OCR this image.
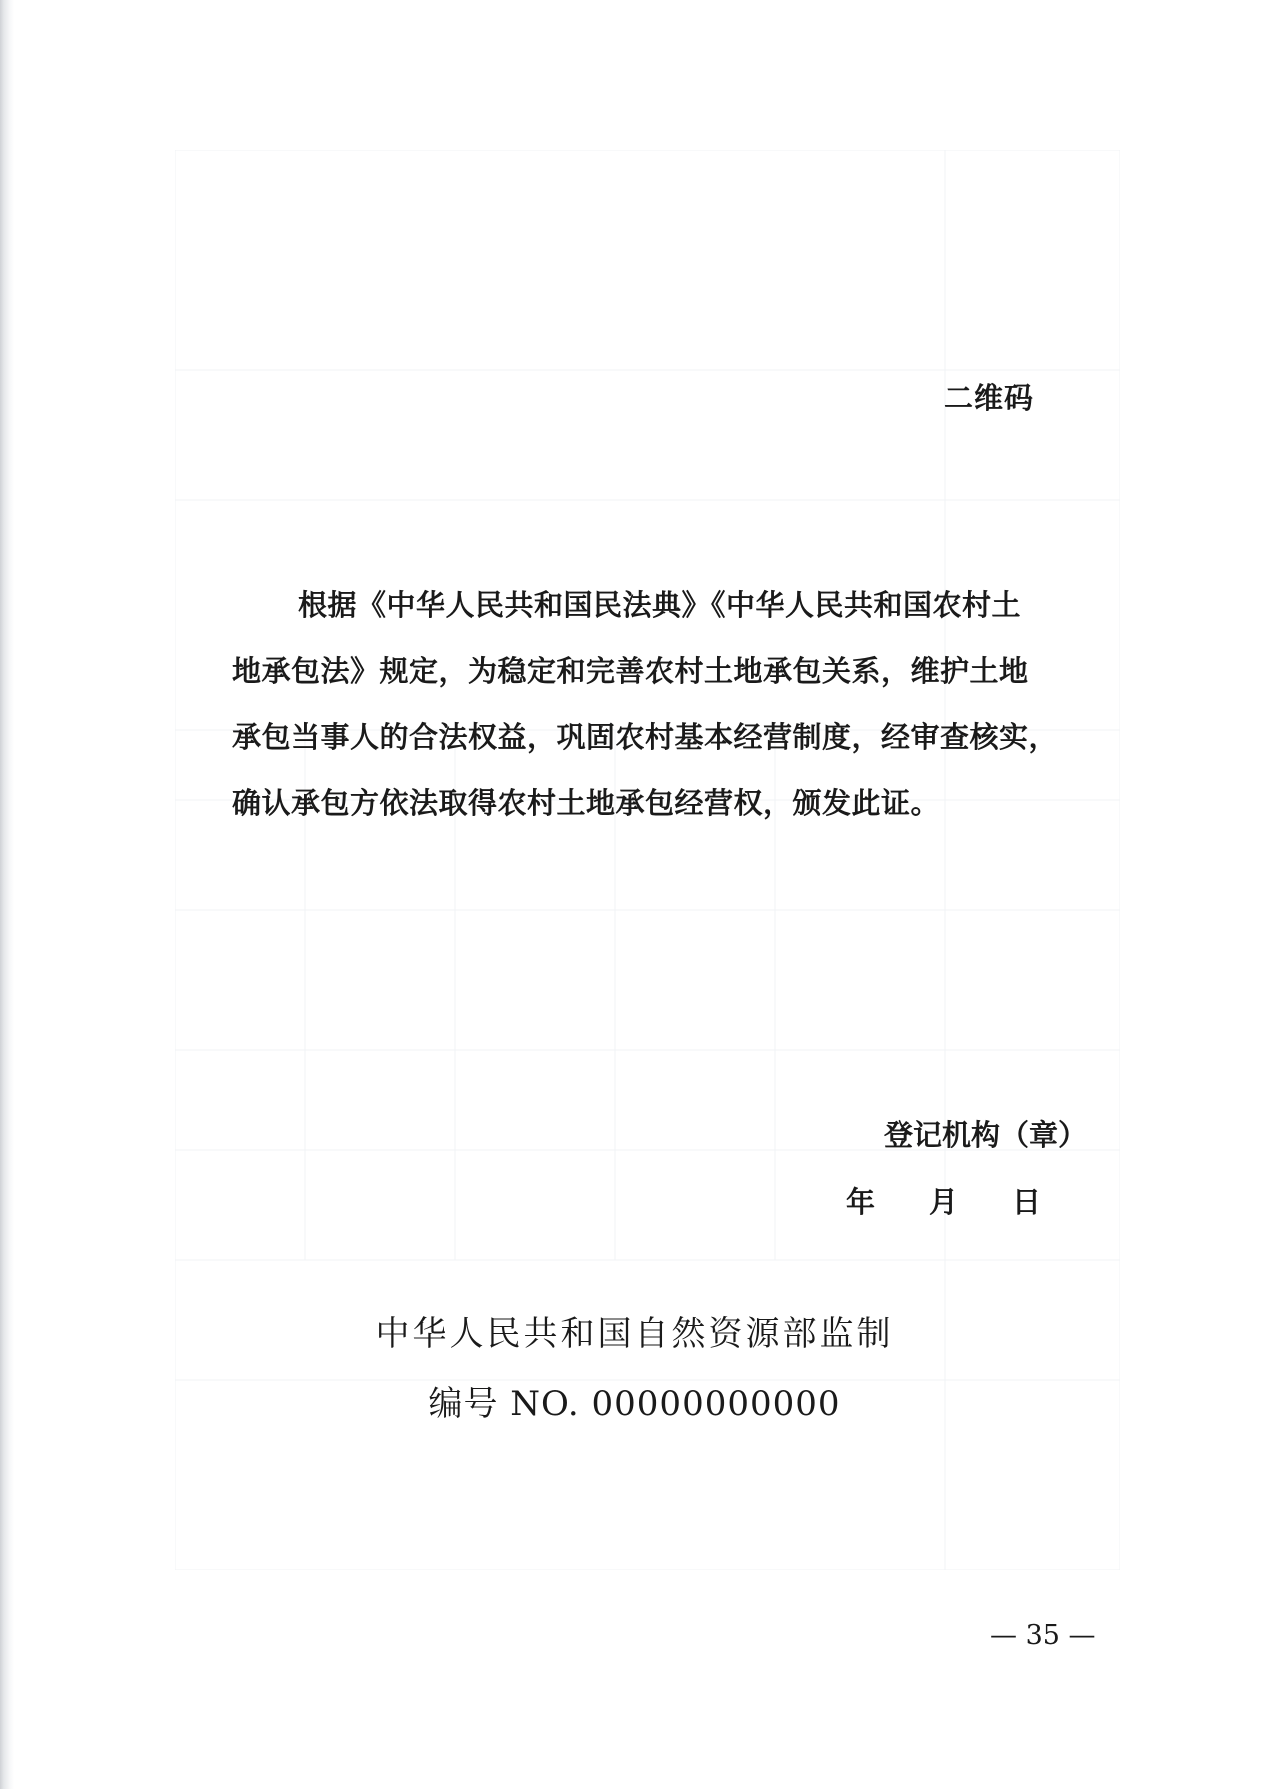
二维码
根据《中华人民共和国民法典》《中华人民共和国农村土
地承包法》规定，为稳定和完善农村土地承包关系，维护土地
承包当事人的合法权益，巩固农村基本经营制度，经审查核实，
确认承包方依法取得农村土地承包经营权，颁发此证。
登记机构（章）
年 月 日
中华人民共和国自然资源部监制
编号 NO. 00000000000
— 35 —
